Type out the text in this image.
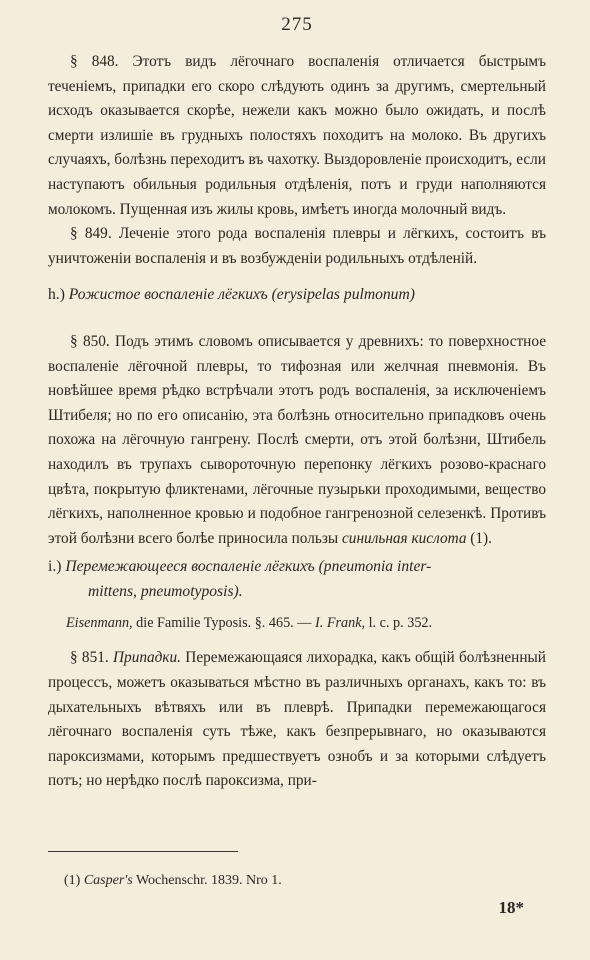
275

§ 848. Этотъ видъ лёгочнаго воспаленія отличается быстрымъ теченіемъ, припадки его скоро слѣдують одинъ за другимъ, смертельный исходъ оказывается скорѣе, нежели какъ можно было ожидать, и послѣ смерти излишіе въ грудныхъ полостяхъ походитъ на молоко. Въ другихъ случаяхъ, болѣзнь переходитъ въ чахотку. Выздоровленіе происходитъ, если наступаютъ обильныя родильныя отдѣленія, потъ и груди наполняются молокомъ. Пущенная изъ жилы кровь, имѣетъ иногда молочный видъ.

§ 849. Леченіе этого рода воспаленія плевры и лёгкихъ, состоитъ въ уничтоженіи воспаленія и въ возбужденіи родильныхъ отдѣленій.

h.) Рожистое воспаленіе лёгкихъ (erysipelas pulmonum)

§ 850. Подъ этимъ словомъ описывается у древнихъ: то поверхностное воспаленіе лёгочной плевры, то тифозная или желчная пневмонія. Въ новѣйшее время рѣдко встрѣчали этотъ родъ воспаленія, за исключеніемъ Штибеля; но по его описанію, эта болѣзнь относительно припадковъ очень похожа на лёгочную гангрену. Послѣ смерти, отъ этой болѣзни, Штибель находилъ въ трупахъ сывороточную перепонку лёгкихъ розово-краснаго цвѣта, покрытую фликтенами, лёгочные пузырьки проходимыми, вещество лёгкихъ, наполненное кровью и подобное гангренозной селезенкѣ. Противъ этой болѣзни всего болѣе приносила пользы синильная кислота (1).

i.) Перемежающееся воспаленіе лёгкихъ (pneumonia inter-
mittens, pneumotyposis).

Eisenmann, die Familie Typosis. §. 465. — I. Frank, l. c. p. 352.

§ 851. Припадки. Перемежающаяся лихорадка, какъ общій болѣзненный процессъ, можетъ оказываться мѣстно въ различныхъ органахъ, какъ то: въ дыхательныхъ вѣтвяхъ или въ плеврѣ. Припадки перемежающагося лёгочнаго воспаленія суть тѣже, какъ безпрерывнаго, но оказываются пароксизмами, которымъ предшествуетъ ознобъ и за которыми слѣдуетъ потъ; но нерѣдко послѣ пароксизма, при-

(1) Casper's Wochenschr. 1839. Nro 1.
18*
